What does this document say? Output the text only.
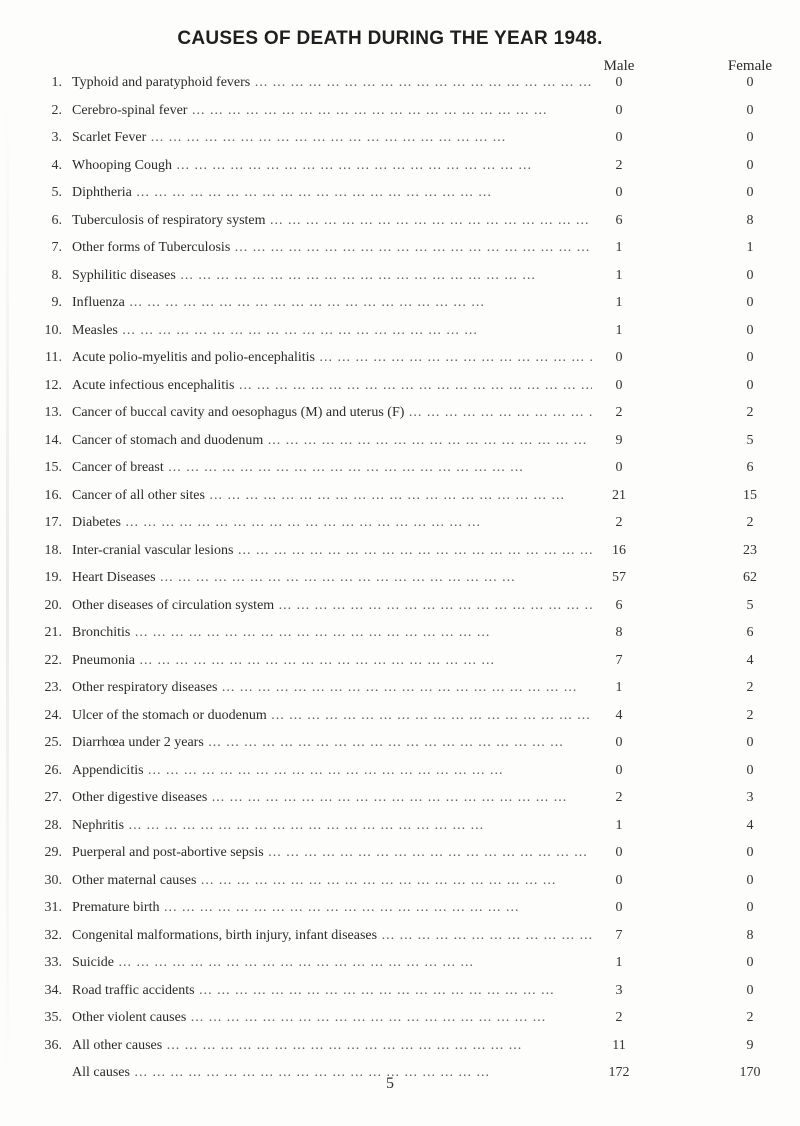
CAUSES OF DEATH DURING THE YEAR 1948.
Male	Female
1. Typhoid and paratyphoid fevers ...	0	0
2. Cerebro-spinal fever ...	0	0
3. Scarlet Fever ...	0	0
4. Whooping Cough ...	2	0
5. Diphtheria ...	0	0
6. Tuberculosis of respiratory system ...	6	8
7. Other forms of Tuberculosis ...	1	1
8. Syphilitic diseases ...	1	0
9. Influenza ...	1	0
10. Measles ...	1	0
11. Acute polio-myelitis and polio-encephalitis ...	0	0
12. Acute infectious encephalitis ...	0	0
13. Cancer of buccal cavity and oesophagus (M) and uterus (F) ...	2	2
14. Cancer of stomach and duodenum ...	9	5
15. Cancer of breast ...	0	6
16. Cancer of all other sites ...	21	15
17. Diabetes ...	2	2
18. Inter-cranial vascular lesions ...	16	23
19. Heart Diseases ...	57	62
20. Other diseases of circulation system ...	6	5
21. Bronchitis ...	8	6
22. Pneumonia ...	7	4
23. Other respiratory diseases ...	1	2
24. Ulcer of the stomach or duodenum ...	4	2
25. Diarrhœa under 2 years ...	0	0
26. Appendicitis ...	0	0
27. Other digestive diseases ...	2	3
28. Nephritis ...	1	4
29. Puerperal and post-abortive sepsis ...	0	0
30. Other maternal causes ...	0	0
31. Premature birth ...	0	0
32. Congenital malformations, birth injury, infant diseases ...	7	8
33. Suicide ...	1	0
34. Road traffic accidents ...	3	0
35. Other violent causes ...	2	2
36. All other causes ...	11	9
All causes ...	172	170
5
